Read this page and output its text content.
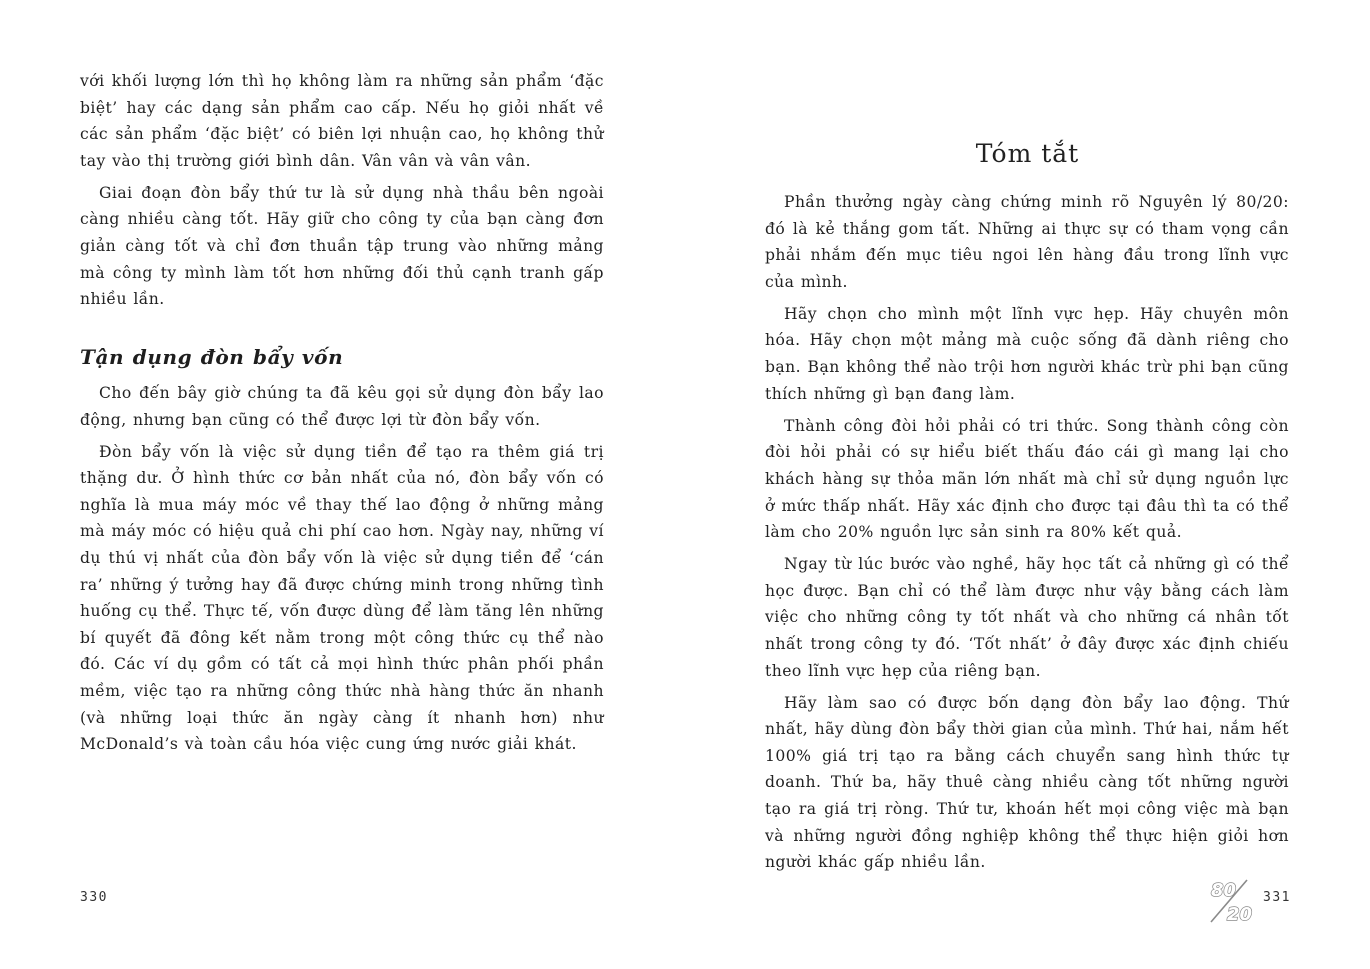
với khối lượng lớn thì họ không làm ra những sản phẩm ‘đặc biệt’ hay các dạng sản phẩm cao cấp. Nếu họ giỏi nhất về các sản phẩm ‘đặc biệt’ có biên lợi nhuận cao, họ không thử tay vào thị trường giới bình dân. Vân vân và vân vân.

Giai đoạn đòn bẩy thứ tư là sử dụng nhà thầu bên ngoài càng nhiều càng tốt. Hãy giữ cho công ty của bạn càng đơn giản càng tốt và chỉ đơn thuần tập trung vào những mảng mà công ty mình làm tốt hơn những đối thủ cạnh tranh gấp nhiều lần.

Tận dụng đòn bẩy vốn

Cho đến bây giờ chúng ta đã kêu gọi sử dụng đòn bẩy lao động, nhưng bạn cũng có thể được lợi từ đòn bẩy vốn.

Đòn bẩy vốn là việc sử dụng tiền để tạo ra thêm giá trị thặng dư. Ở hình thức cơ bản nhất của nó, đòn bẩy vốn có nghĩa là mua máy móc về thay thế lao động ở những mảng mà máy móc có hiệu quả chi phí cao hơn. Ngày nay, những ví dụ thú vị nhất của đòn bẩy vốn là việc sử dụng tiền để ‘cán ra’ những ý tưởng hay đã được chứng minh trong những tình huống cụ thể. Thực tế, vốn được dùng để làm tăng lên những bí quyết đã đông kết nằm trong một công thức cụ thể nào đó. Các ví dụ gồm có tất cả mọi hình thức phân phối phần mềm, việc tạo ra những công thức nhà hàng thức ăn nhanh (và những loại thức ăn ngày càng ít nhanh hơn) như McDonald’s và toàn cầu hóa việc cung ứng nước giải khát.

330
Tóm tắt

Phần thưởng ngày càng chứng minh rõ Nguyên lý 80/20: đó là kẻ thắng gom tất. Những ai thực sự có tham vọng cần phải nhắm đến mục tiêu ngoi lên hàng đầu trong lĩnh vực của mình.

Hãy chọn cho mình một lĩnh vực hẹp. Hãy chuyên môn hóa. Hãy chọn một mảng mà cuộc sống đã dành riêng cho bạn. Bạn không thể nào trội hơn người khác trừ phi bạn cũng thích những gì bạn đang làm.

Thành công đòi hỏi phải có tri thức. Song thành công còn đòi hỏi phải có sự hiểu biết thấu đáo cái gì mang lại cho khách hàng sự thỏa mãn lớn nhất mà chỉ sử dụng nguồn lực ở mức thấp nhất. Hãy xác định cho được tại đâu thì ta có thể làm cho 20% nguồn lực sản sinh ra 80% kết quả.

Ngay từ lúc bước vào nghề, hãy học tất cả những gì có thể học được. Bạn chỉ có thể làm được như vậy bằng cách làm việc cho những công ty tốt nhất và cho những cá nhân tốt nhất trong công ty đó. ‘Tốt nhất’ ở đây được xác định chiếu theo lĩnh vực hẹp của riêng bạn.

Hãy làm sao có được bốn dạng đòn bẩy lao động. Thứ nhất, hãy dùng đòn bẩy thời gian của mình. Thứ hai, nắm hết 100% giá trị tạo ra bằng cách chuyển sang hình thức tự doanh. Thứ ba, hãy thuê càng nhiều càng tốt những người tạo ra giá trị ròng. Thứ tư, khoán hết mọi công việc mà bạn và những người đồng nghiệp không thể thực hiện giỏi hơn người khác gấp nhiều lần.

80
20
331
